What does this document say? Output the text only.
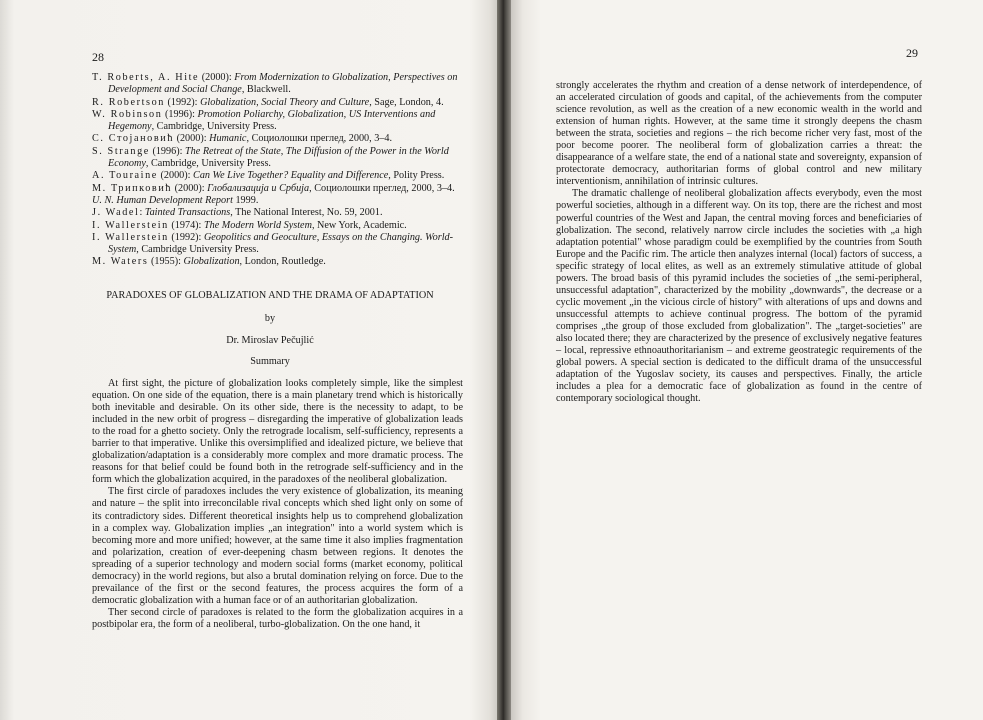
28

T. Roberts, A. Hite (2000): From Modernization to Globalization, Perspectives on Development and Social Change, Blackwell.

R. Robertson (1992): Globalization, Social Theory and Culture, Sage, London, 4.

W. Robinson (1996): Promotion Poliarchy, Globalization, US Interventions and Hegemony, Cambridge, University Press.

С. Стојановић (2000): Humanic, Социолошки преглед, 2000, 3–4.

S. Strange (1996): The Retreat of the State, The Diffusion of the Power in the World Economy, Cambridge, University Press.

A. Touraine (2000): Can We Live Together? Equality and Difference, Polity Press.

М. Трипковић (2000): Глобализација и Србија, Социолошки преглед, 2000, 3–4.

U. N. Human Development Report 1999.

J. Wadel: Tainted Transactions, The National Interest, No. 59, 2001.

I. Wallerstein (1974): The Modern World System, New York, Academic.

I. Wallerstein (1992): Geopolitics and Geoculture, Essays on the Changing. World-System, Cambridge University Press.

M. Waters (1955): Globalization, London, Routledge.

PARADOXES OF GLOBALIZATION AND THE DRAMA OF ADAPTATION
by
Dr. Miroslav Pečujlić
Summary

At first sight, the picture of globalization looks completely simple, like the simplest equation. On one side of the equation, there is a main planetary trend which is historically both inevitable and desirable. On its other side, there is the necessity to adapt, to be included in the new orbit of progress – disregarding the imperative of globalization leads to the road for a ghetto society. Only the retrograde localism, self-sufficiency, represents a barrier to that imperative. Unlike this oversimplified and idealized picture, we believe that globalization/adaptation is a considerably more complex and more dramatic process. The reasons for that belief could be found both in the retrograde self-sufficiency and in the form which the globalization acquired, in the paradoxes of the neoliberal globalization.

The first circle of paradoxes includes the very existence of globalization, its meaning and nature – the split into irreconcilable rival concepts which shed light only on some of its contradictory sides. Different theoretical insights help us to comprehend globalization in a complex way. Globalization implies „an integration" into a world system which is becoming more and more unified; however, at the same time it also implies fragmentation and polarization, creation of ever-deepening chasm between regions. It denotes the spreading of a superior technology and modern social forms (market economy, political democracy) in the world regions, but also a brutal domination relying on force. Due to the prevailance of the first or the second features, the process acquires the form of a democratic globalization with a human face or of an authoritarian globalization.

Ther second circle of paradoxes is related to the form the globalization acquires in a postbipolar era, the form of a neoliberal, turbo-globalization. On the one hand, it

29

strongly accelerates the rhythm and creation of a dense network of interdependence, of an accelerated circulation of goods and capital, of the achievements from the computer science revolution, as well as the creation of a new economic wealth in the world and extension of human rights. However, at the same time it strongly deepens the chasm between the strata, societies and regions – the rich become richer very fast, most of the poor become poorer. The neoliberal form of globalization carries a threat: the disappearance of a welfare state, the end of a national state and sovereignty, expansion of protectorate democracy, authoritarian forms of global control and new military interventionism, annihilation of intrinsic cultures.

The dramatic challenge of neoliberal globalization affects everybody, even the most powerful societies, although in a different way. On its top, there are the richest and most powerful countries of the West and Japan, the central moving forces and beneficiaries of globalization. The second, relatively narrow circle includes the societies with „a high adaptation potential" whose paradigm could be exemplified by the countries from South Europe and the Pacific rim. The article then analyzes internal (local) factors of success, a specific strategy of local elites, as well as an extremely stimulative attitude of global powers. The broad basis of this pyramid includes the societies of „the semi-peripheral, unsuccessful adaptation", characterized by the mobility „downwards", the decrease or a cyclic movement „in the vicious circle of history" with alterations of ups and downs and unsuccessful attempts to achieve continual progress. The bottom of the pyramid comprises „the group of those excluded from globalization". The „target-societies" are also located there; they are characterized by the presence of exclusively negative features – local, repressive ethnoauthoritarianism – and extreme geostrategic requirements of the global powers. A special section is dedicated to the difficult drama of the unsuccessful adaptation of the Yugoslav society, its causes and perspectives. Finally, the article includes a plea for a democratic face of globalization as found in the centre of contemporary sociological thought.
